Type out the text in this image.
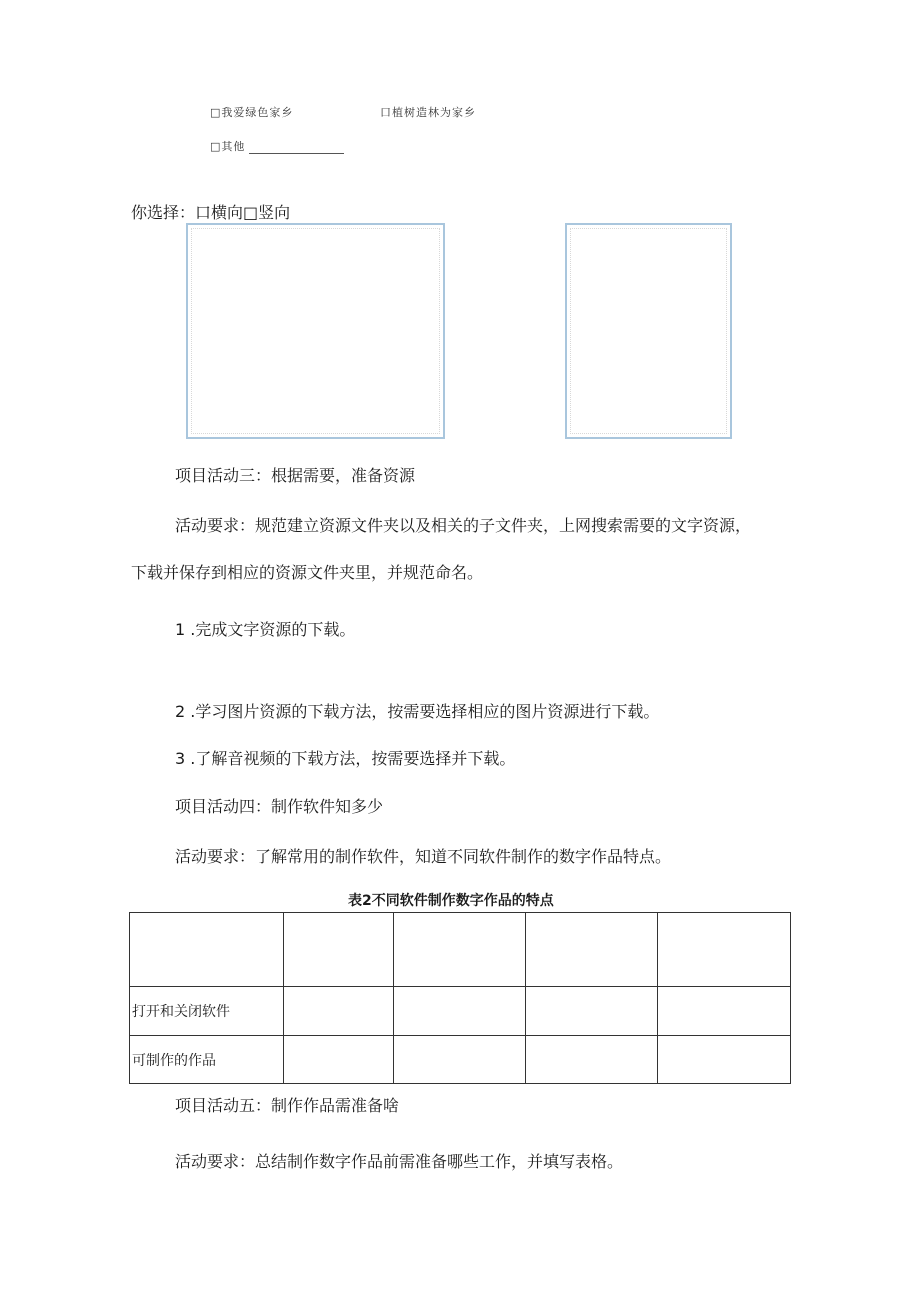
□我爱绿色家乡	口植树造林为家乡
□其他
你选择：口横向□竖向
项目活动三：根据需要，准备资源
活动要求：规范建立资源文件夹以及相关的子文件夹，上网搜索需要的文字资源，
下载并保存到相应的资源文件夹里，并规范命名。
1 .完成文字资源的下载。
2 .学习图片资源的下载方法，按需要选择相应的图片资源进行下载。
3 .了解音视频的下载方法，按需要选择并下载。
项目活动四：制作软件知多少
活动要求：了解常用的制作软件，知道不同软件制作的数字作品特点。
表2不同软件制作数字作品的特点

打开和关闭软件				
可制作的作品				
项目活动五：制作作品需准备啥
活动要求：总结制作数字作品前需准备哪些工作，并填写表格。
